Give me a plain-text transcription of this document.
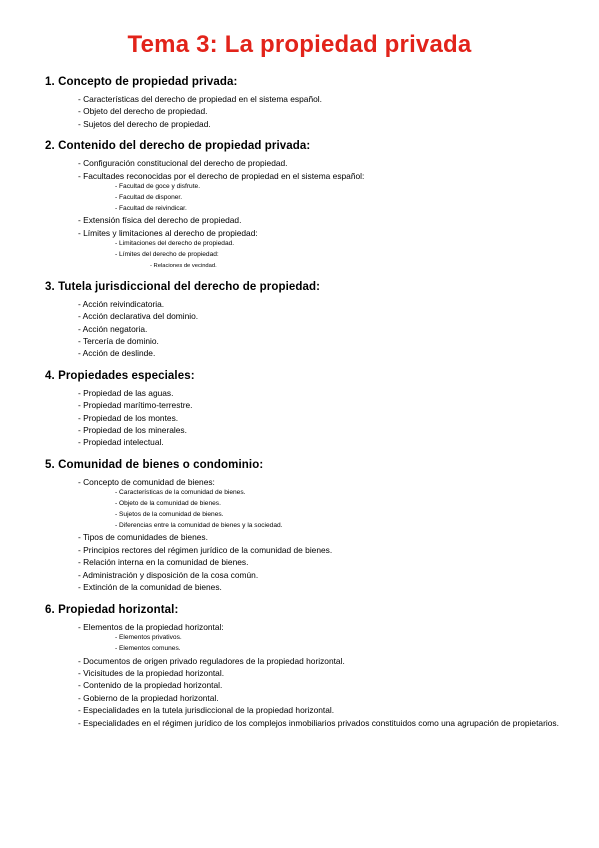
Tema 3: La propiedad privada
1. Concepto de propiedad privada:
- Características del derecho de propiedad en el sistema español.
- Objeto del derecho de propiedad.
- Sujetos del derecho de propiedad.
2. Contenido del derecho de propiedad privada:
- Configuración constitucional del derecho de propiedad.
- Facultades reconocidas por el derecho de propiedad en el sistema español:
- Facultad de goce y disfrute.
- Facultad de disponer.
- Facultad de reivindicar.
- Extensión física del derecho de propiedad.
- Límites y limitaciones al derecho de propiedad:
- Limitaciones del derecho de propiedad.
- Límites del derecho de propiedad:
- Relaciones de vecindad.
3. Tutela jurisdiccional del derecho de propiedad:
- Acción reivindicatoria.
- Acción declarativa del dominio.
- Acción negatoria.
- Tercería de dominio.
- Acción de deslinde.
4. Propiedades especiales:
- Propiedad de las aguas.
- Propiedad marítimo-terrestre.
- Propiedad de los montes.
- Propiedad de los minerales.
- Propiedad intelectual.
5. Comunidad de bienes o condominio:
- Concepto de comunidad de bienes:
- Características de la comunidad de bienes.
- Objeto de la comunidad de bienes.
- Sujetos de la comunidad de bienes.
- Diferencias entre la comunidad de bienes y la sociedad.
- Tipos de comunidades de bienes.
- Principios rectores del régimen jurídico de la comunidad de bienes.
- Relación interna en la comunidad de bienes.
- Administración y disposición de la cosa común.
- Extinción de la comunidad de bienes.
6. Propiedad horizontal:
- Elementos de la propiedad horizontal:
- Elementos privativos.
- Elementos comunes.
- Documentos de origen privado reguladores de la propiedad horizontal.
- Vicisitudes de la propiedad horizontal.
- Contenido de la propiedad horizontal.
- Gobierno de la propiedad horizontal.
- Especialidades en la tutela jurisdiccional de la propiedad horizontal.
- Especialidades en el régimen jurídico de los complejos inmobiliarios privados constituidos como una agrupación de propietarios.
